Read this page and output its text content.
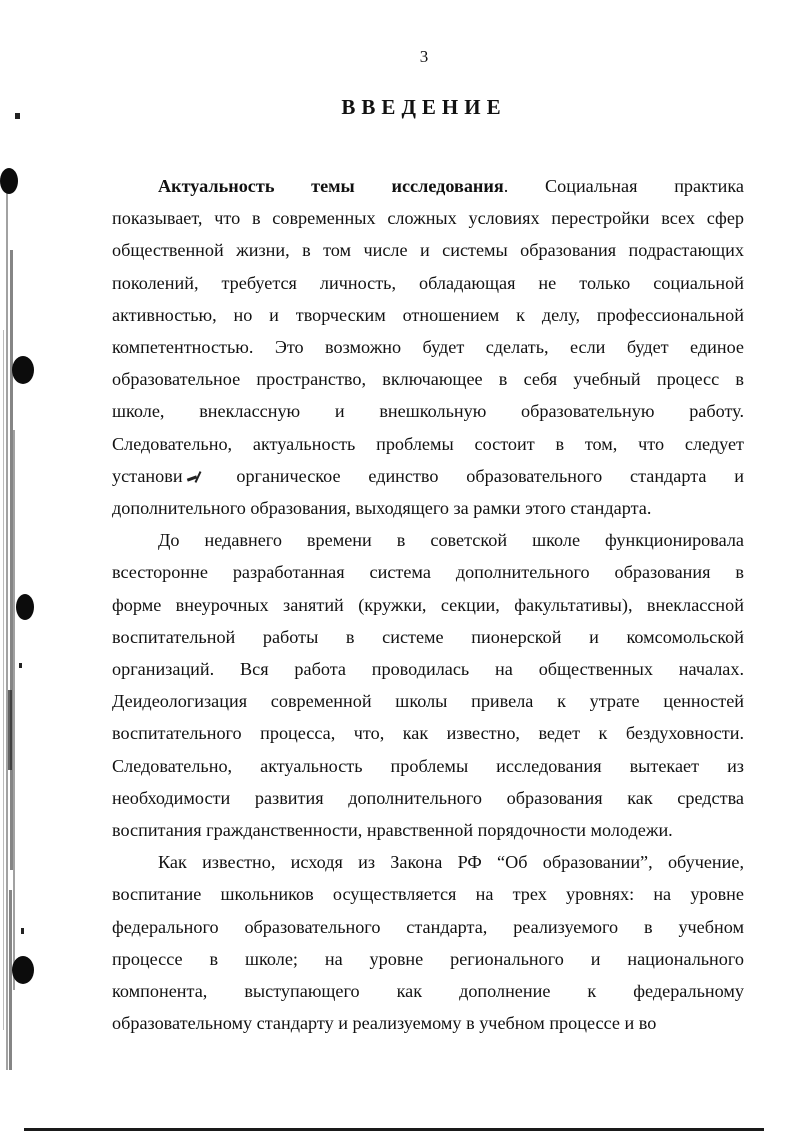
3
ВВЕДЕНИЕ
Актуальность темы исследования. Социальная практика
показывает, что в современных сложных условиях перестройки всех сфер
общественной жизни, в том числе и системы образования подрастающих
поколений, требуется личность, обладающая не только социальной
активностью, но и творческим отношением к делу, профессиональной
компетентностью. Это возможно будет сделать, если будет единое
образовательное пространство, включающее в себя учебный процесс в
школе, внеклассную и внешкольную образовательную работу.
Следовательно, актуальность проблемы состоит в том, что следует
установи органическое единство образовательного стандарта и
дополнительного образования, выходящего за рамки этого стандарта.
До недавнего времени в советской школе функционировала
всесторонне разработанная система дополнительного образования в
форме внеурочных занятий (кружки, секции, факультативы), внеклассной
воспитательной работы в системе пионерской и комсомольской
организаций. Вся работа проводилась на общественных началах.
Деидеологизация современной школы привела к утрате ценностей
воспитательного процесса, что, как известно, ведет к бездуховности.
Следовательно, актуальность проблемы исследования вытекает из
необходимости развития дополнительного образования как средства
воспитания гражданственности, нравственной порядочности молодежи.
Как известно, исходя из Закона РФ “Об образовании”, обучение,
воспитание школьников осуществляется на трех уровнях: на уровне
федерального образовательного стандарта, реализуемого в учебном
процессе в школе; на уровне регионального и национального
компонента, выступающего как дополнение к федеральному
образовательному стандарту и реализуемому в учебном процессе и во
